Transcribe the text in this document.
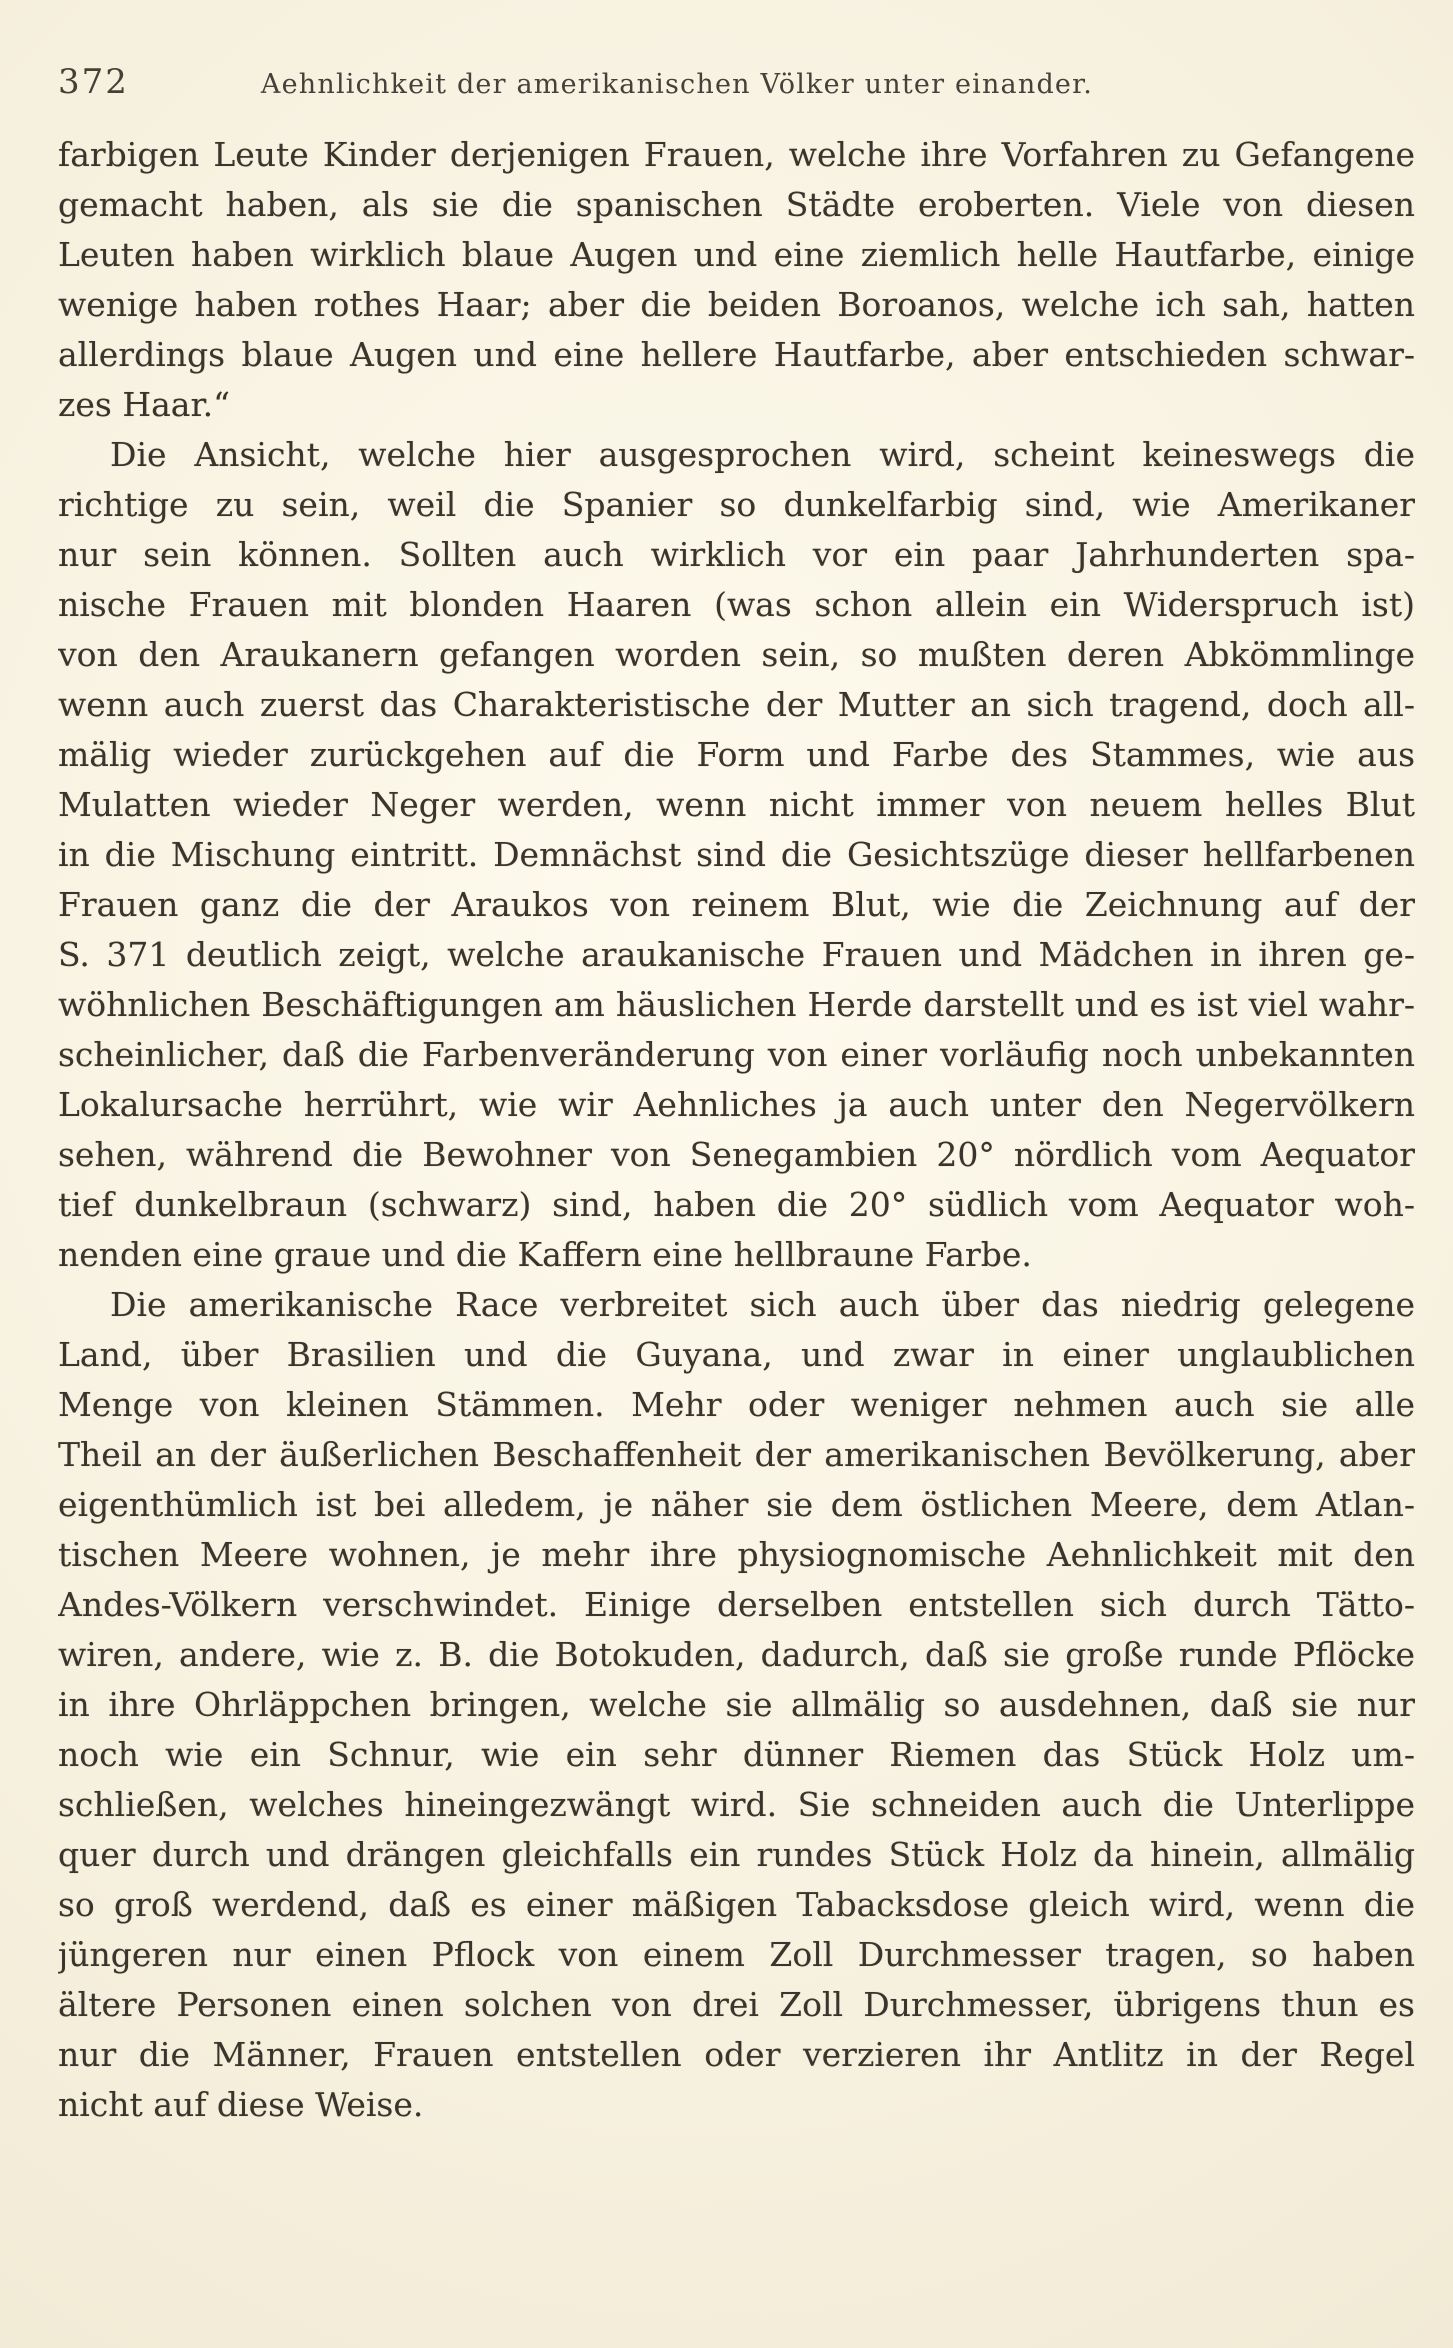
372	Aehnlichkeit der amerikanischen Völker unter einander.
farbigen Leute Kinder derjenigen Frauen, welche ihre Vorfahren zu Gefangene
gemacht haben, als sie die spanischen Städte eroberten. Viele von diesen
Leuten haben wirklich blaue Augen und eine ziemlich helle Hautfarbe, einige
wenige haben rothes Haar; aber die beiden Boroanos, welche ich sah, hatten
allerdings blaue Augen und eine hellere Hautfarbe, aber entschieden schwar-
zes Haar.“
Die Ansicht, welche hier ausgesprochen wird, scheint keineswegs die
richtige zu sein, weil die Spanier so dunkelfarbig sind, wie Amerikaner
nur sein können. Sollten auch wirklich vor ein paar Jahrhunderten spa-
nische Frauen mit blonden Haaren (was schon allein ein Widerspruch ist)
von den Araukanern gefangen worden sein, so mußten deren Abkömmlinge
wenn auch zuerst das Charakteristische der Mutter an sich tragend, doch all-
mälig wieder zurückgehen auf die Form und Farbe des Stammes, wie aus
Mulatten wieder Neger werden, wenn nicht immer von neuem helles Blut
in die Mischung eintritt. Demnächst sind die Gesichtszüge dieser hellfarbenen
Frauen ganz die der Araukos von reinem Blut, wie die Zeichnung auf der
S. 371 deutlich zeigt, welche araukanische Frauen und Mädchen in ihren ge-
wöhnlichen Beschäftigungen am häuslichen Herde darstellt und es ist viel wahr-
scheinlicher, daß die Farbenveränderung von einer vorläufig noch unbekannten
Lokalursache herrührt, wie wir Aehnliches ja auch unter den Negervölkern
sehen, während die Bewohner von Senegambien 20° nördlich vom Aequator
tief dunkelbraun (schwarz) sind, haben die 20° südlich vom Aequator woh-
nenden eine graue und die Kaffern eine hellbraune Farbe.
Die amerikanische Race verbreitet sich auch über das niedrig gelegene
Land, über Brasilien und die Guyana, und zwar in einer unglaublichen
Menge von kleinen Stämmen. Mehr oder weniger nehmen auch sie alle
Theil an der äußerlichen Beschaffenheit der amerikanischen Bevölkerung, aber
eigenthümlich ist bei alledem, je näher sie dem östlichen Meere, dem Atlan-
tischen Meere wohnen, je mehr ihre physiognomische Aehnlichkeit mit den
Andes-Völkern verschwindet. Einige derselben entstellen sich durch Tätto-
wiren, andere, wie z. B. die Botokuden, dadurch, daß sie große runde Pflöcke
in ihre Ohrläppchen bringen, welche sie allmälig so ausdehnen, daß sie nur
noch wie ein Schnur, wie ein sehr dünner Riemen das Stück Holz um-
schließen, welches hineingezwängt wird. Sie schneiden auch die Unterlippe
quer durch und drängen gleichfalls ein rundes Stück Holz da hinein, allmälig
so groß werdend, daß es einer mäßigen Tabacksdose gleich wird, wenn die
jüngeren nur einen Pflock von einem Zoll Durchmesser tragen, so haben
ältere Personen einen solchen von drei Zoll Durchmesser, übrigens thun es
nur die Männer, Frauen entstellen oder verzieren ihr Antlitz in der Regel
nicht auf diese Weise.
